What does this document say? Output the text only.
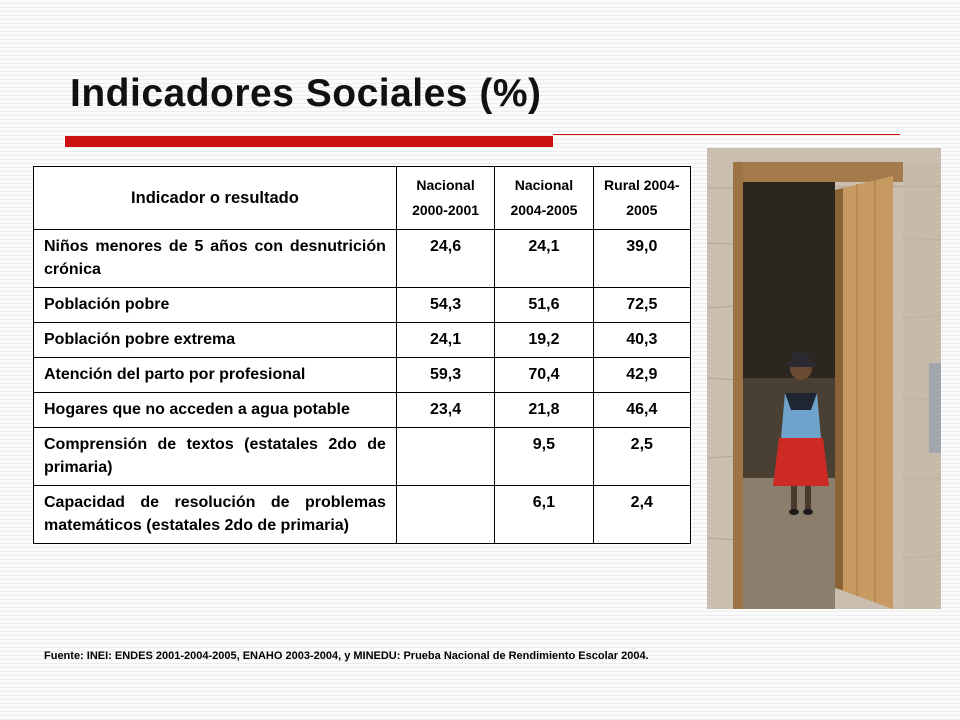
Indicadores Sociales (%)
Indicador o resultado	Nacional 2000-2001	Nacional 2004-2005	Rural 2004-2005
Niños menores de 5 años con desnutrición crónica	24,6	24,1	39,0
Población pobre	54,3	51,6	72,5
Población pobre extrema	24,1	19,2	40,3
Atención del parto por profesional	59,3	70,4	42,9
Hogares que no acceden a agua potable	23,4	21,8	46,4
Comprensión de textos (estatales 2do de primaria)		9,5	2,5
Capacidad de resolución de problemas matemáticos (estatales 2do de primaria)		6,1	2,4

Fuente: INEI: ENDES 2001-2004-2005, ENAHO 2003-2004, y MINEDU: Prueba Nacional de Rendimiento Escolar 2004.
